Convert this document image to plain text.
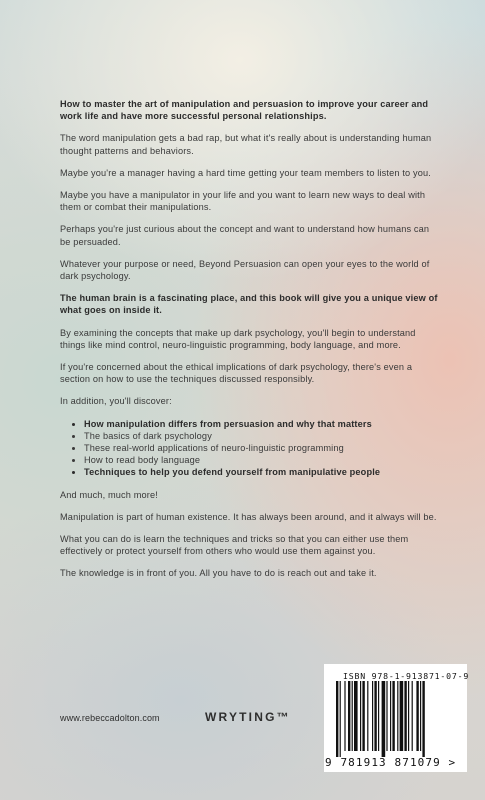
How to master the art of manipulation and persuasion to improve your career and work life and have more successful personal relationships.

The word manipulation gets a bad rap, but what it's really about is understanding human thought patterns and behaviors.

Maybe you're a manager having a hard time getting your team members to listen to you.

Maybe you have a manipulator in your life and you want to learn new ways to deal with them or combat their manipulations.

Perhaps you're just curious about the concept and want to understand how humans can be persuaded.

Whatever your purpose or need, Beyond Persuasion can open your eyes to the world of dark psychology.

The human brain is a fascinating place, and this book will give you a unique view of what goes on inside it.

By examining the concepts that make up dark psychology, you'll begin to understand things like mind control, neuro-linguistic programming, body language, and more.

If you're concerned about the ethical implications of dark psychology, there's even a section on how to use the techniques discussed responsibly.

In addition, you'll discover:

• How manipulation differs from persuasion and why that matters
• The basics of dark psychology
• These real-world applications of neuro-linguistic programming
• How to read body language
• Techniques to help you defend yourself from manipulative people

And much, much more!

Manipulation is part of human existence. It has always been around, and it always will be.

What you can do is learn the techniques and tricks so that you can either use them effectively or protect yourself from others who would use them against you.

The knowledge is in front of you. All you have to do is reach out and take it.

www.rebeccadolton.com	WRYTING™
ISBN 978-1-913871-07-9
9 781913 871079 >
